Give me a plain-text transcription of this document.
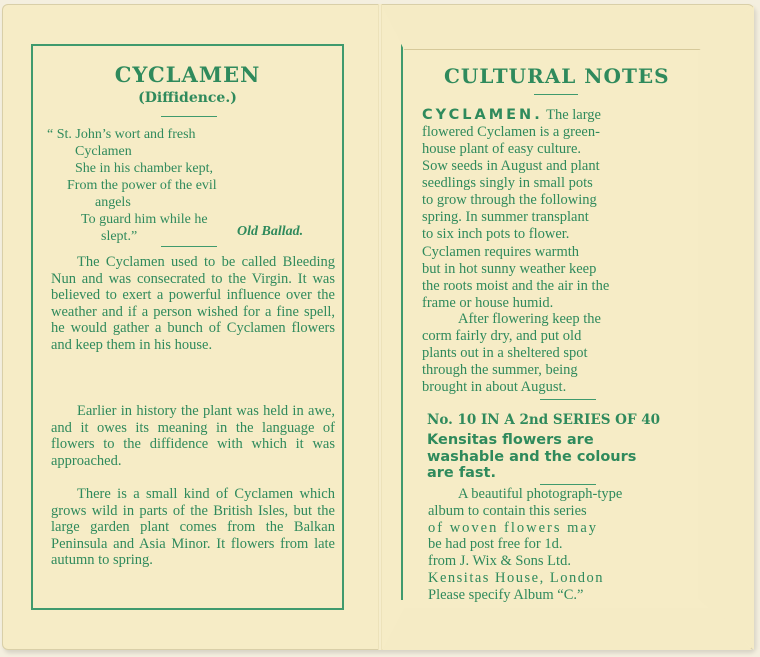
CYCLAMEN
(Diffidence.)
“ St. John’s wort and fresh
Cyclamen
She in his chamber kept,
From the power of the evil
angels
To guard him while he
slept.”	Old Ballad.
The Cyclamen used to be called Bleeding Nun and was consecrated to the Virgin. It was believed to exert a powerful influence over the weather and if a person wished for a fine spell, he would gather a bunch of Cyclamen flowers and keep them in his house.
Earlier in history the plant was held in awe, and it owes its meaning in the language of flowers to the diffidence with which it was approached.
There is a small kind of Cyclamen which grows wild in parts of the British Isles, but the large garden plant comes from the Balkan Peninsula and Asia Minor. It flowers from late autumn to spring.
CULTURAL NOTES
CYCLAMEN. The large
flowered Cyclamen is a green-
house plant of easy culture.
Sow seeds in August and plant
seedlings singly in small pots
to grow through the following
spring. In summer transplant
to six inch pots to flower.
Cyclamen requires warmth
but in hot sunny weather keep
the roots moist and the air in the
frame or house humid.
After flowering keep the
corm fairly dry, and put old
plants out in a sheltered spot
through the summer, being
brought in about August.
No. 10 IN A 2nd SERIES OF 40
Kensitas flowers are
washable and the colours
are fast.
A beautiful photograph-type
album to contain this series
of woven flowers may
be had post free for 1d.
from J. Wix & Sons Ltd.
Kensitas House, London
Please specify Album “C.”
